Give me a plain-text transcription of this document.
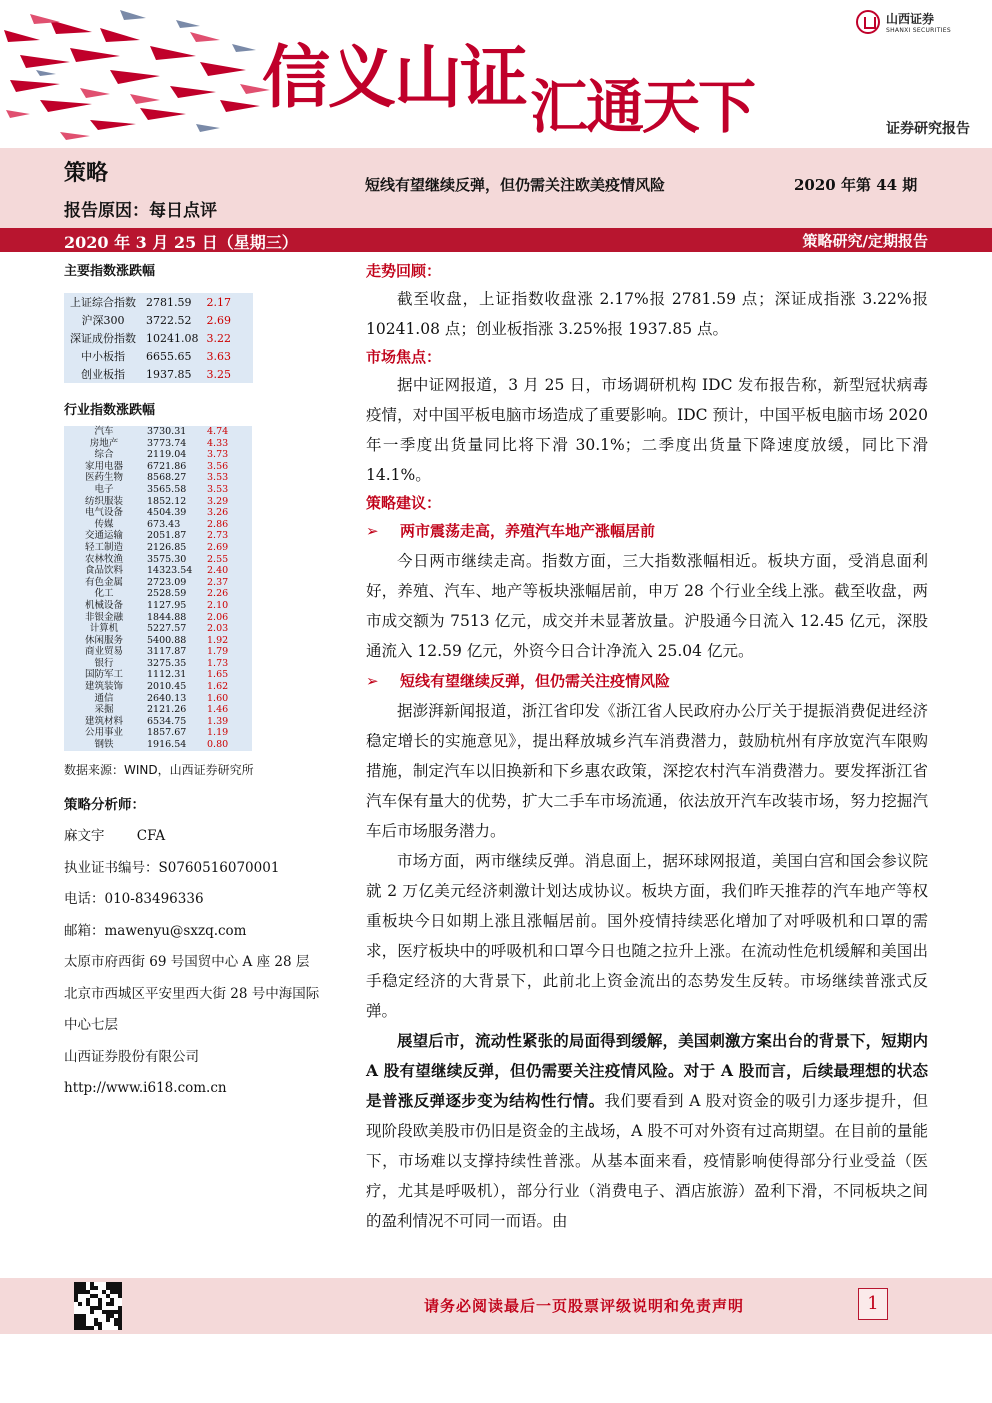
信义山证 汇通天下
山西证券
SHANXI SECURITIES
证券研究报告
策略
报告原因：每日点评
短线有望继续反弹，但仍需关注欧美疫情风险	2020 年第 44 期
2020 年 3 月 25 日（星期三）	策略研究/定期报告
主要指数涨跌幅
上证综合指数	2781.59	2.17
沪深300	3722.52	2.69
深证成份指数	10241.08	3.22
中小板指	6655.65	3.63
创业板指	1937.85	3.25
行业指数涨跌幅
汽车	3730.31	4.74
房地产	3773.74	4.33
综合	2119.04	3.73
家用电器	6721.86	3.56
医药生物	8568.27	3.53
电子	3565.58	3.53
纺织服装	1852.12	3.29
电气设备	4504.39	3.26
传媒	673.43	2.86
交通运输	2051.87	2.73
轻工制造	2126.85	2.69
农林牧渔	3575.30	2.55
食品饮料	14323.54	2.40
有色金属	2723.09	2.37
化工	2528.59	2.26
机械设备	1127.95	2.10
非银金融	1844.88	2.06
计算机	5227.57	2.03
休闲服务	5400.88	1.92
商业贸易	3117.87	1.79
银行	3275.35	1.73
国防军工	1112.31	1.65
建筑装饰	2010.45	1.62
通信	2640.13	1.60
采掘	2121.26	1.46
建筑材料	6534.75	1.39
公用事业	1857.67	1.19
钢铁	1916.54	0.80
数据来源：WIND，山西证券研究所
策略分析师：
麻文宇 CFA
执业证书编号：S0760516070001
电话：010-83496336
邮箱：mawenyu@sxzq.com
太原市府西街 69 号国贸中心 A 座 28 层
北京市西城区平安里西大街 28 号中海国际中心七层
山西证券股份有限公司
http://www.i618.com.cn
走势回顾：

截至收盘，上证指数收盘涨 2.17%报 2781.59 点；深证成指涨 3.22%报 10241.08 点；创业板指涨 3.25%报 1937.85 点。

市场焦点：

据中证网报道，3 月 25 日，市场调研机构 IDC 发布报告称，新型冠状病毒疫情，对中国平板电脑市场造成了重要影响。IDC 预计，中国平板电脑市场 2020 年一季度出货量同比将下滑 30.1%；二季度出货量下降速度放缓，同比下滑 14.1%。

策略建议：
➢ 两市震荡走高，养殖汽车地产涨幅居前

今日两市继续走高。指数方面，三大指数涨幅相近。板块方面，受消息面利好，养殖、汽车、地产等板块涨幅居前，申万 28 个行业全线上涨。截至收盘，两市成交额为 7513 亿元，成交并未显著放量。沪股通今日流入 12.45 亿元，深股通流入 12.59 亿元，外资今日合计净流入 25.04 亿元。

➢ 短线有望继续反弹，但仍需关注疫情风险

据澎湃新闻报道，浙江省印发《浙江省人民政府办公厅关于提振消费促进经济稳定增长的实施意见》，提出释放城乡汽车消费潜力，鼓励杭州有序放宽汽车限购措施，制定汽车以旧换新和下乡惠农政策，深挖农村汽车消费潜力。要发挥浙江省汽车保有量大的优势，扩大二手车市场流通，依法放开汽车改装市场，努力挖掘汽车后市场服务潜力。

市场方面，两市继续反弹。消息面上，据环球网报道，美国白宫和国会参议院就 2 万亿美元经济刺激计划达成协议。板块方面，我们昨天推荐的汽车地产等权重板块今日如期上涨且涨幅居前。国外疫情持续恶化增加了对呼吸机和口罩的需求，医疗板块中的呼吸机和口罩今日也随之拉升上涨。在流动性危机缓解和美国出手稳定经济的大背景下，此前北上资金流出的态势发生反转。市场继续普涨式反弹。

展望后市，流动性紧张的局面得到缓解，美国刺激方案出台的背景下，短期内 A 股有望继续反弹，但仍需要关注疫情风险。对于 A 股而言，后续最理想的状态是普涨反弹逐步变为结构性行情。我们要看到 A 股对资金的吸引力逐步提升，但现阶段欧美股市仍旧是资金的主战场，A 股不可对外资有过高期望。在目前的量能下，市场难以支撑持续性普涨。从基本面来看，疫情影响使得部分行业受益（医疗，尤其是呼吸机），部分行业（消费电子、酒店旅游）盈利下滑，不同板块之间的盈利情况不可同一而语。由

请务必阅读最后一页股票评级说明和免责声明	1
